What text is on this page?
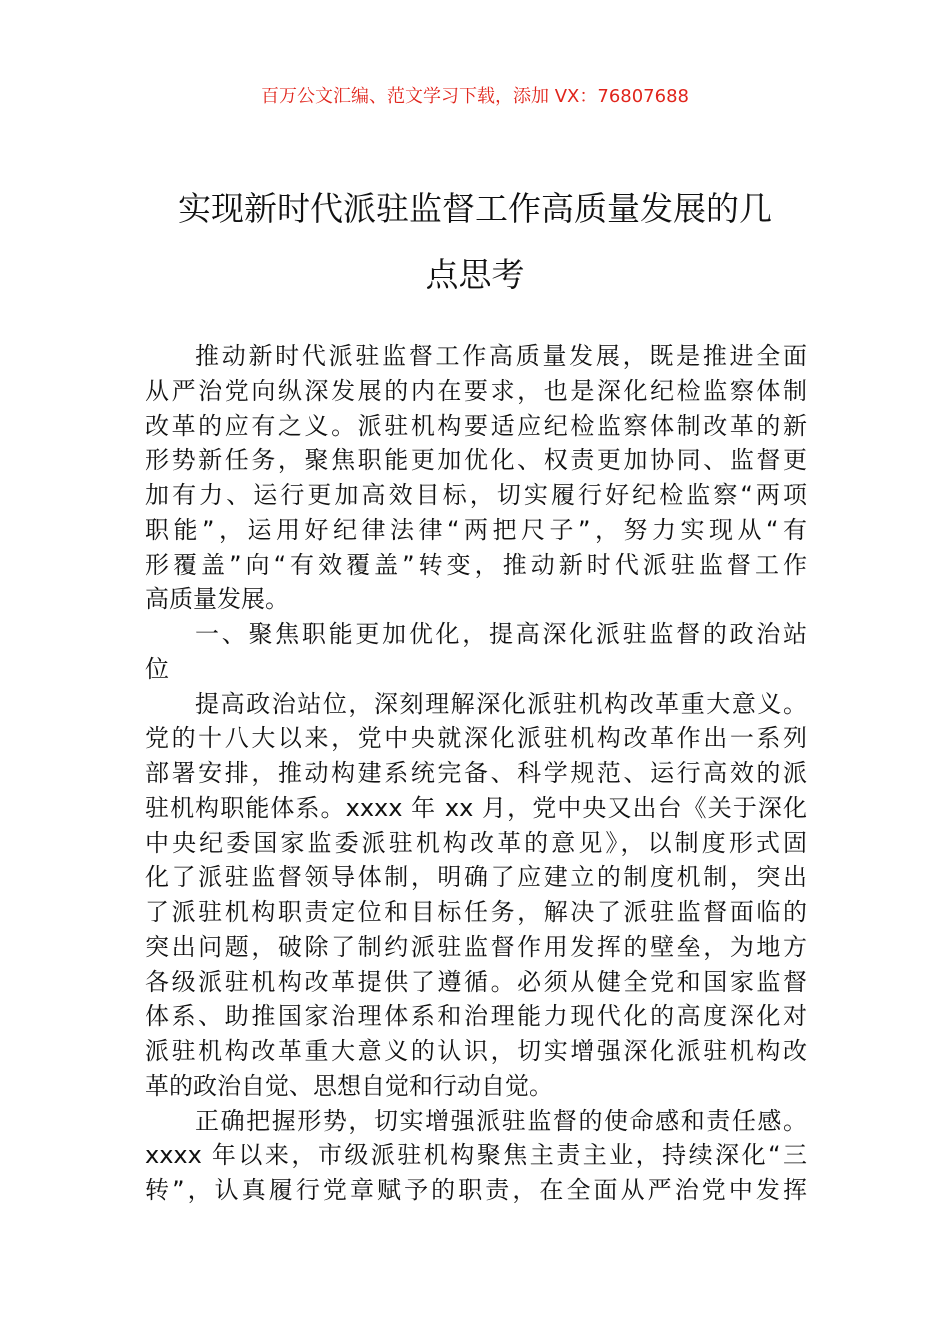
百万公文汇编、范文学习下载，添加 VX：76807688
实现新时代派驻监督工作高质量发展的几
点思考
推动新时代派驻监督工作高质量发展，既是推进全面
从严治党向纵深发展的内在要求，也是深化纪检监察体制
改革的应有之义。派驻机构要适应纪检监察体制改革的新
形势新任务，聚焦职能更加优化、权责更加协同、监督更
加有力、运行更加高效目标，切实履行好纪检监察“两项
职能”，运用好纪律法律“两把尺子”，努力实现从“有
形覆盖”向“有效覆盖”转变，推动新时代派驻监督工作
高质量发展。
一、聚焦职能更加优化，提高深化派驻监督的政治站
位
提高政治站位，深刻理解深化派驻机构改革重大意义。
党的十八大以来，党中央就深化派驻机构改革作出一系列
部署安排，推动构建系统完备、科学规范、运行高效的派
驻机构职能体系。xxxx 年 xx 月，党中央又出台《关于深化
中央纪委国家监委派驻机构改革的意见》，以制度形式固
化了派驻监督领导体制，明确了应建立的制度机制，突出
了派驻机构职责定位和目标任务，解决了派驻监督面临的
突出问题，破除了制约派驻监督作用发挥的壁垒，为地方
各级派驻机构改革提供了遵循。必须从健全党和国家监督
体系、助推国家治理体系和治理能力现代化的高度深化对
派驻机构改革重大意义的认识，切实增强深化派驻机构改
革的政治自觉、思想自觉和行动自觉。
正确把握形势，切实增强派驻监督的使命感和责任感。
xxxx 年以来，市级派驻机构聚焦主责主业，持续深化“三
转”，认真履行党章赋予的职责，在全面从严治党中发挥
